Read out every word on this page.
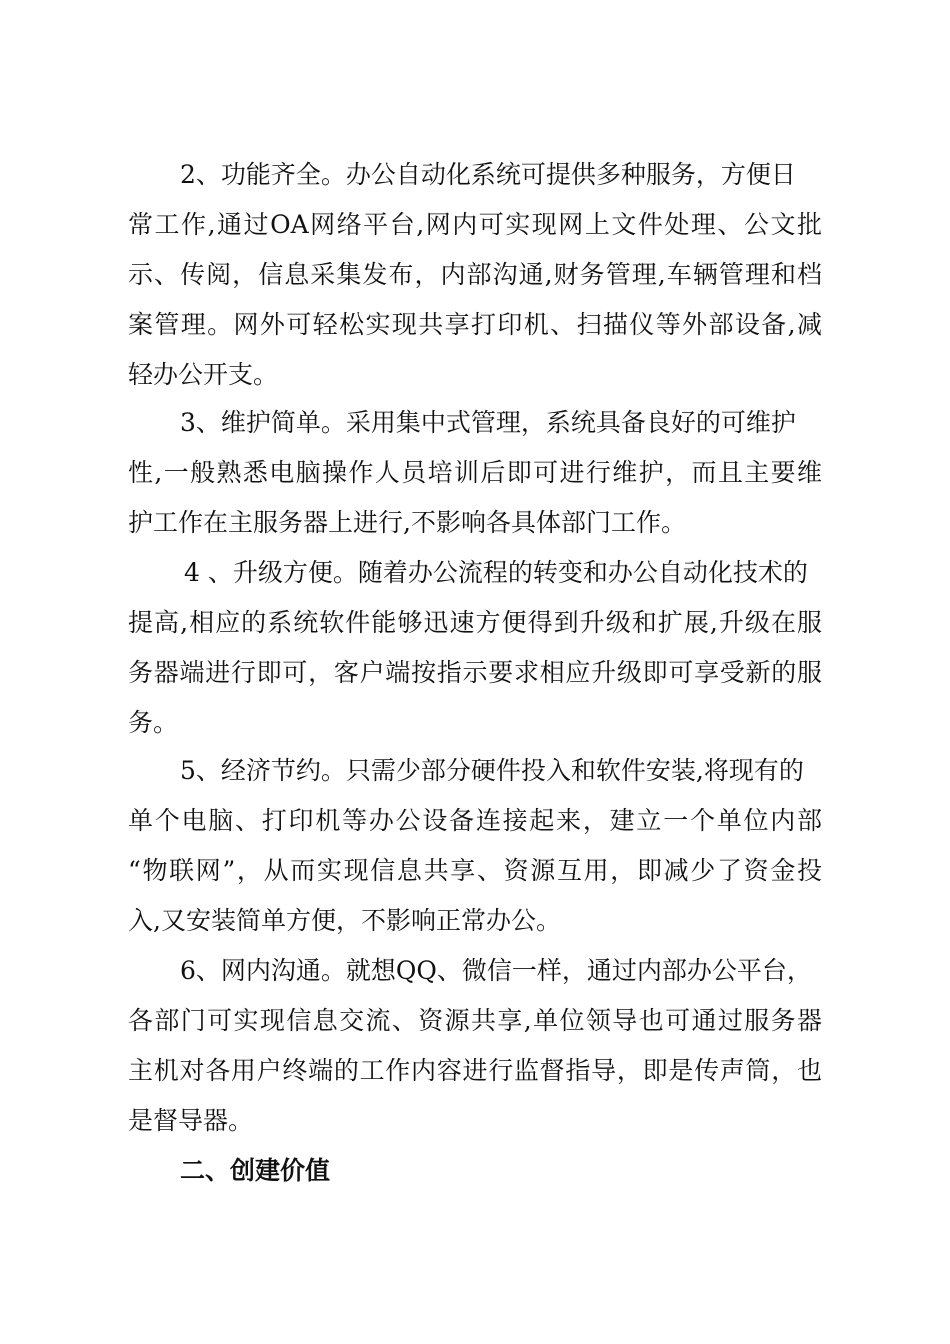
2、功能齐全。办公自动化系统可提供多种服务，方便日

常工作,通过OA网络平台,网内可实现网上文件处理、公文批

示、传阅，信息采集发布，内部沟通,财务管理,车辆管理和档

案管理。网外可轻松实现共享打印机、扫描仪等外部设备,减

轻办公开支。

3、维护简单。采用集中式管理，系统具备良好的可维护

性,一般熟悉电脑操作人员培训后即可进行维护，而且主要维

护工作在主服务器上进行,不影响各具体部门工作。

4 、升级方便。随着办公流程的转变和办公自动化技术的

提高,相应的系统软件能够迅速方便得到升级和扩展,升级在服

务器端进行即可，客户端按指示要求相应升级即可享受新的服

务。

5、经济节约。只需少部分硬件投入和软件安装,将现有的

单个电脑、打印机等办公设备连接起来，建立一个单位内部

“物联网”，从而实现信息共享、资源互用，即减少了资金投

入,又安装简单方便，不影响正常办公。

6、网内沟通。就想QQ、微信一样，通过内部办公平台，

各部门可实现信息交流、资源共享,单位领导也可通过服务器

主机对各用户终端的工作内容进行监督指导，即是传声筒，也

是督导器。

二、创建价值
